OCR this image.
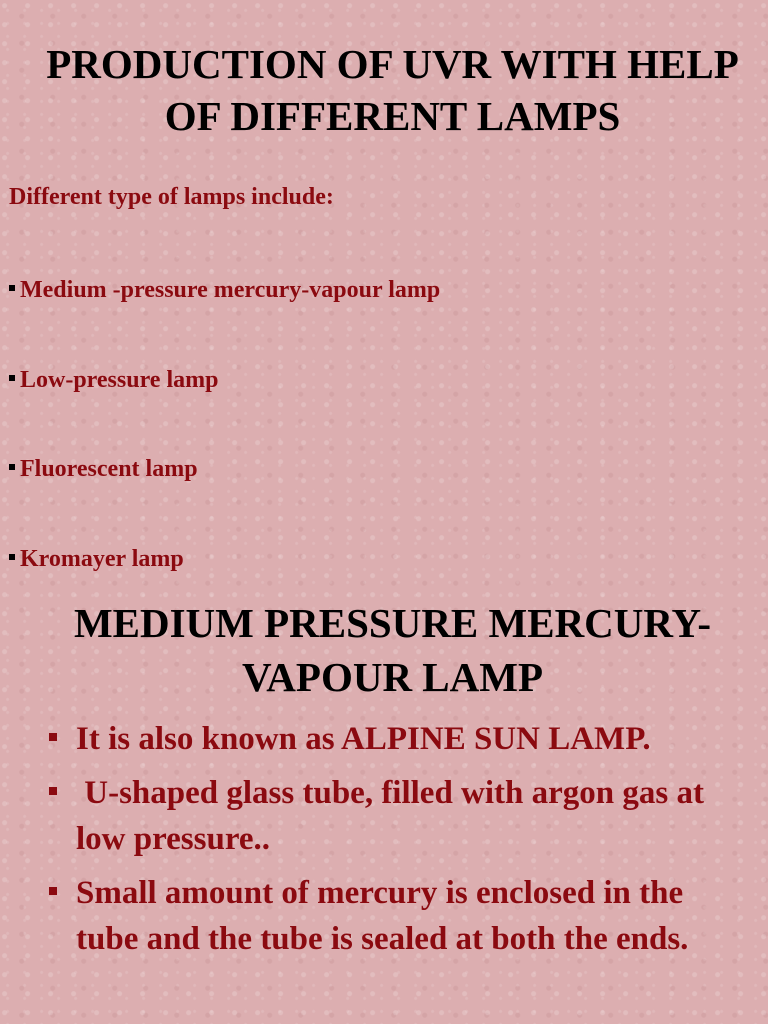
PRODUCTION OF UVR WITH HELP OF DIFFERENT LAMPS

Different type of lamps include:

Medium -pressure mercury-vapour lamp
Low-pressure lamp
Fluorescent lamp
Kromayer lamp
MEDIUM PRESSURE MERCURY-VAPOUR LAMP
It is also known as ALPINE SUN LAMP.
U-shaped glass tube, filled with argon gas at low pressure..
Small amount of mercury is enclosed in the tube and the tube is sealed at both the ends.
